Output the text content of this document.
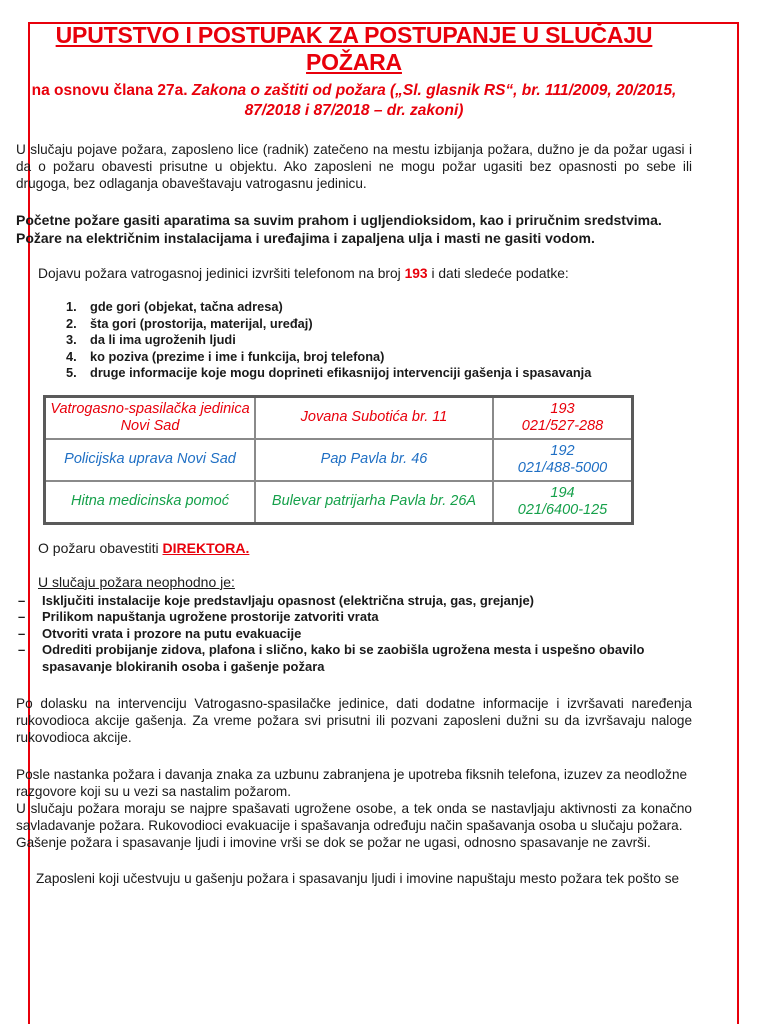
UPUTSTVO I POSTUPAK ZA POSTUPANJE U SLUČAJU POŽARA

na osnovu člana 27a. Zakona o zaštiti od požara („Sl. glasnik RS“, br. 111/2009, 20/2015, 87/2018 i 87/2018 – dr. zakoni)

U slučaju pojave požara, zaposleno lice (radnik) zatečeno na mestu izbijanja požara, dužno je da požar ugasi i da o požaru obavesti prisutne u objektu. Ako zaposleni ne mogu požar ugasiti bez opasnosti po sebe ili drugoga, bez odlaganja obaveštavaju vatrogasnu jedinicu.

Početne požare gasiti aparatima sa suvim prahom i ugljendioksidom, kao i priručnim sredstvima. Požare na električnim instalacijama i uređajima i zapaljena ulja i masti ne gasiti vodom.

Dojavu požara vatrogasnoj jedinici izvršiti telefonom na broj 193 i dati sledeće podatke:

1.	gde gori (objekat, tačna adresa)
2.	šta gori (prostorija, materijal, uređaj)
3.	da li ima ugroženih ljudi
4.	ko poziva (prezime i ime i funkcija, broj telefona)
5.	druge informacije koje mogu doprineti efikasnijoj intervenciji gašenja i spasavanja
Vatrogasno-spasilačka jedinica Novi Sad	Jovana Subotića br. 11	193
021/527-288
Policijska uprava Novi Sad	Pap Pavla br. 46	192
021/488-5000
Hitna medicinska pomoć	Bulevar patrijarha Pavla br. 26A	194
021/6400-125

O požaru obavestiti DIREKTORA.

U slučaju požara neophodno je:

–	Isključiti instalacije koje predstavljaju opasnost (električna struja, gas, grejanje)
–	Prilikom napuštanja ugrožene prostorije zatvoriti vrata
–	Otvoriti vrata i prozore na putu evakuacije
–	Odrediti probijanje zidova, plafona i slično, kako bi se zaobišla ugrožena mesta i uspešno obavilo spasavanje blokiranih osoba i gašenje požara

Po dolasku na intervenciju Vatrogasno-spasilačke jedinice, dati dodatne informacije i izvršavati naređenja rukovodioca akcije gašenja. Za vreme požara svi prisutni ili pozvani zaposleni dužni su da izvršavaju naloge rukovodioca akcije.

Posle nastanka požara i davanja znaka za uzbunu zabranjena je upotreba fiksnih telefona, izuzev za neodložne razgovore koji su u vezi sa nastalim požarom.

U slučaju požara moraju se najpre spašavati ugrožene osobe, a tek onda se nastavljaju aktivnosti za konačno savladavanje požara. Rukovodioci evakuacije i spašavanja određuju način spašavanja osoba u slučaju požara.

Gašenje požara i spasavanje ljudi i imovine vrši se dok se požar ne ugasi, odnosno spasavanje ne završi.

Zaposleni koji učestvuju u gašenju požara i spasavanju ljudi i imovine napuštaju mesto požara tek pošto se
